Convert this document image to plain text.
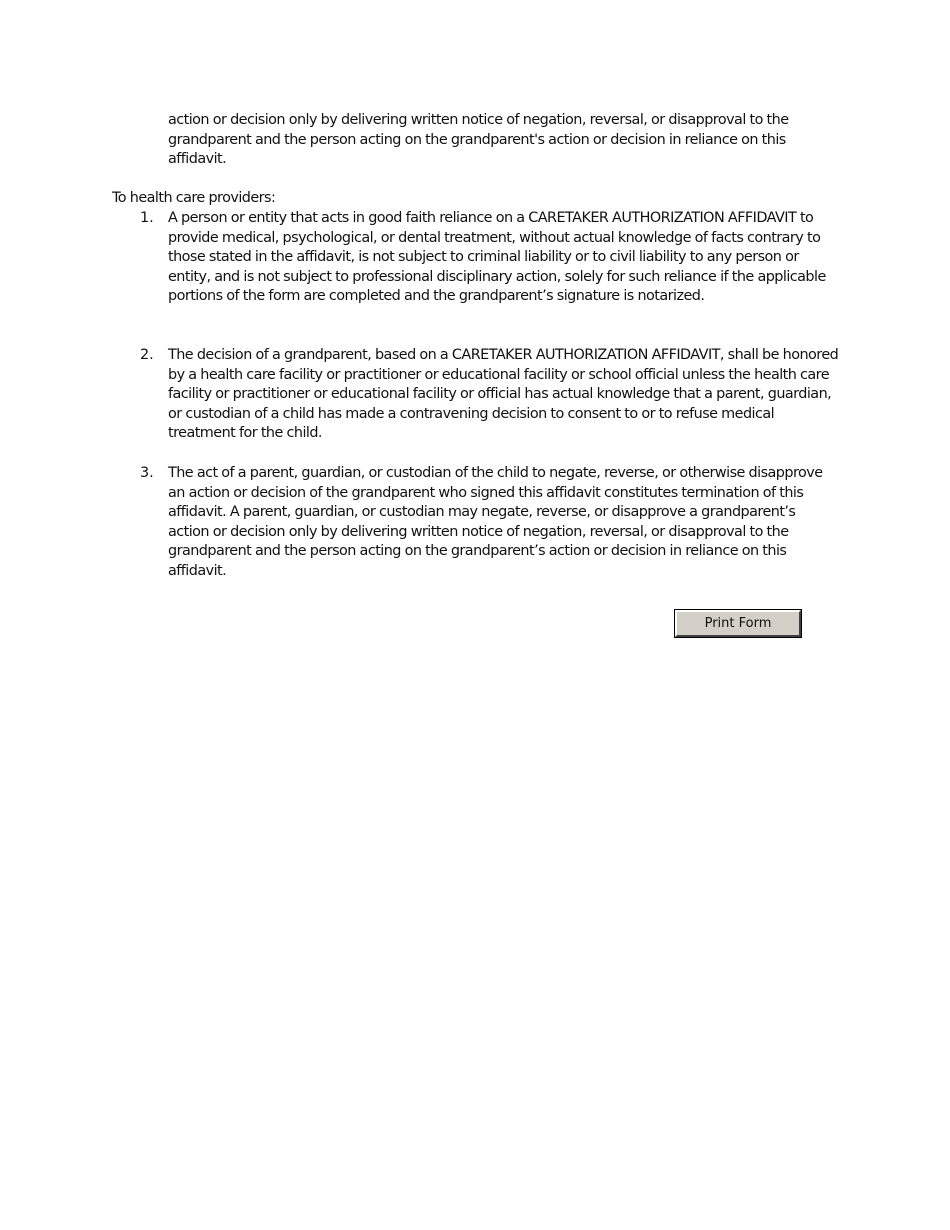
action or decision only by delivering written notice of negation, reversal, or disapproval to the grandparent and the person acting on the grandparent's action or decision in reliance on this affidavit.

To health care providers:

1. A person or entity that acts in good faith reliance on a CARETAKER AUTHORIZATION AFFIDAVIT to provide medical, psychological, or dental treatment, without actual knowledge of facts contrary to those stated in the affidavit, is not subject to criminal liability or to civil liability to any person or entity, and is not subject to professional disciplinary action, solely for such reliance if the applicable portions of the form are completed and the grandparent’s signature is notarized.
2. The decision of a grandparent, based on a CARETAKER AUTHORIZATION AFFIDAVIT, shall be honored by a health care facility or practitioner or educational facility or school official unless the health care facility or practitioner or educational facility or official has actual knowledge that a parent, guardian, or custodian of a child has made a contravening decision to consent to or to refuse medical treatment for the child.
3. The act of a parent, guardian, or custodian of the child to negate, reverse, or otherwise disapprove an action or decision of the grandparent who signed this affidavit constitutes termination of this affidavit. A parent, guardian, or custodian may negate, reverse, or disapprove a grandparent’s action or decision only by delivering written notice of negation, reversal, or disapproval to the grandparent and the person acting on the grandparent’s action or decision in reliance on this affidavit.
Print Form
